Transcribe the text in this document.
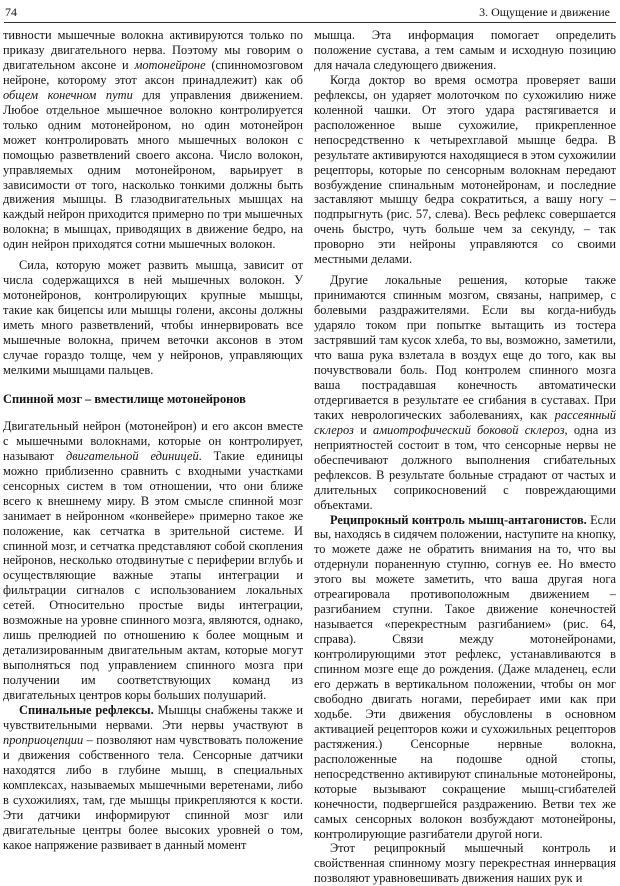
74	3. Ощущение и движение

тивности мышечные волокна активируются только по приказу двигательного нерва. Поэтому мы говорим о двигательном аксоне и мотонейроне (спинномозговом нейроне, которому этот аксон принадлежит) как об общем конечном пути для управления движением. Любое отдельное мышечное волокно контролируется только одним мотонейроном, но один мотонейрон может контролировать много мышечных волокон с помощью разветвлений своего аксона. Число волокон, управляемых одним мотонейроном, варьирует в зависимости от того, насколько тонкими должны быть движения мышцы. В глазодвигательных мышцах на каждый нейрон приходится примерно по три мышечных волокна; в мышцах, приводящих в движение бедро, на один нейрон приходятся сотни мышечных волокон.

Сила, которую может развить мышца, зависит от числа содержащихся в ней мышечных волокон. У мотонейронов, контролирующих крупные мышцы, такие как бицепсы или мышцы голени, аксоны должны иметь много разветвлений, чтобы иннервировать все мышечные волокна, причем веточки аксонов в этом случае гораздо толще, чем у нейронов, управляющих мелкими мышцами пальцев.

Спинной мозг – вместилище мотонейронов

Двигательный нейрон (мотонейрон) и его аксон вместе с мышечными волокнами, которые он контролирует, называют двигательной единицей. Такие единицы можно приблизенно сравнить с входными участками сенсорных систем в том отношении, что они ближе всего к внешнему миру. В этом смысле спинной мозг занимает в нейронном «конвейере» примерно такое же положение, как сетчатка в зрительной системе. И спинной мозг, и сетчатка представляют собой скопления нейронов, несколько отодвинутые с периферии вглубь и осуществляющие важные этапы интеграции и фильтрации сигналов с использованием локальных сетей. Относительно простые виды интеграции, возможные на уровне спинного мозга, являются, однако, лишь прелюдией по отношению к более мощным и детализированным двигательным актам, которые могут выполняться под управлением спинного мозга при получении им соответствующих команд из двигательных центров коры больших полушарий.

Спинальные рефлексы. Мышцы снабжены также и чувствительными нервами. Эти нервы участвуют в проприоцепции – позволяют нам чувствовать положение и движения собственного тела. Сенсорные датчики находятся либо в глубине мышц, в специальных комплексах, называемых мышечными веретенами, либо в сухожилиях, там, где мышцы прикрепляются к кости. Эти датчики информируют спинной мозг или двигательные центры более высоких уровней о том, какое напряжение развивает в данный момент

мышца. Эта информация помогает определить положение сустава, а тем самым и исходную позицию для начала следующего движения.

Когда доктор во время осмотра проверяет ваши рефлексы, он ударяет молоточком по сухожилию ниже коленной чашки. От этого удара растягивается и расположенное выше сухожилие, прикрепленное непосредственно к четырехглавой мышце бедра. В результате активируются находящиеся в этом сухожилии рецепторы, которые по сенсорным волокнам передают возбуждение спинальным мотонейронам, и последние заставляют мышцу бедра сократиться, а вашу ногу – подпрыгнуть (рис. 57, слева). Весь рефлекс совершается очень быстро, чуть больше чем за секунду, – так проворно эти нейроны управляются со своими местными делами.

Другие локальные решения, которые также принимаются спинным мозгом, связаны, например, с болевыми раздражителями. Если вы когда-нибудь ударяло током при попытке вытащить из тостера застрявший там кусок хлеба, то вы, возможно, заметили, что ваша рука взлетала в воздух еще до того, как вы почувствовали боль. Под контролем спинного мозга ваша пострадавшая конечность автоматически отдергивается в результате ее сгибания в суставах. При таких неврологических заболеваниях, как рассеянный склероз и амиотрофический боковой склероз, одна из неприятностей состоит в том, что сенсорные нервы не обеспечивают должного выполнения сгибательных рефлексов. В результате больные страдают от частых и длительных соприкосновений с повреждающими объектами.

Реципрокный контроль мышц-антагонистов. Если вы, находясь в сидячем положении, наступите на кнопку, то можете даже не обратить внимания на то, что вы отдернули пораненную ступню, согнув ее. Но вместо этого вы можете заметить, что ваша другая нога отреагировала противоположным движением – разгибанием ступни. Такое движение конечностей называется «перекрестным разгибанием» (рис. 64, справа). Связи между мотонейронами, контролирующими этот рефлекс, устанавливаются в спинном мозге еще до рождения. (Даже младенец, если его держать в вертикальном положении, чтобы он мог свободно двигать ногами, перебирает ими как при ходьбе. Эти движения обусловлены в основном активацией рецепторов кожи и сухожильных рецепторов растяжения.) Сенсорные нервные волокна, расположенные на подошве одной стопы, непосредственно активируют спинальные мотонейроны, которые вызывают сокращение мышц-сгибателей конечности, подвергшейся раздражению. Ветви тех же самых сенсорных волокон возбуждают мотонейроны, контролирующие разгибатели другой ноги.

Этот реципрокный мышечный контроль и свойственная спинному мозгу перекрестная иннервация позволяют уравновешивать движения наших рук и
